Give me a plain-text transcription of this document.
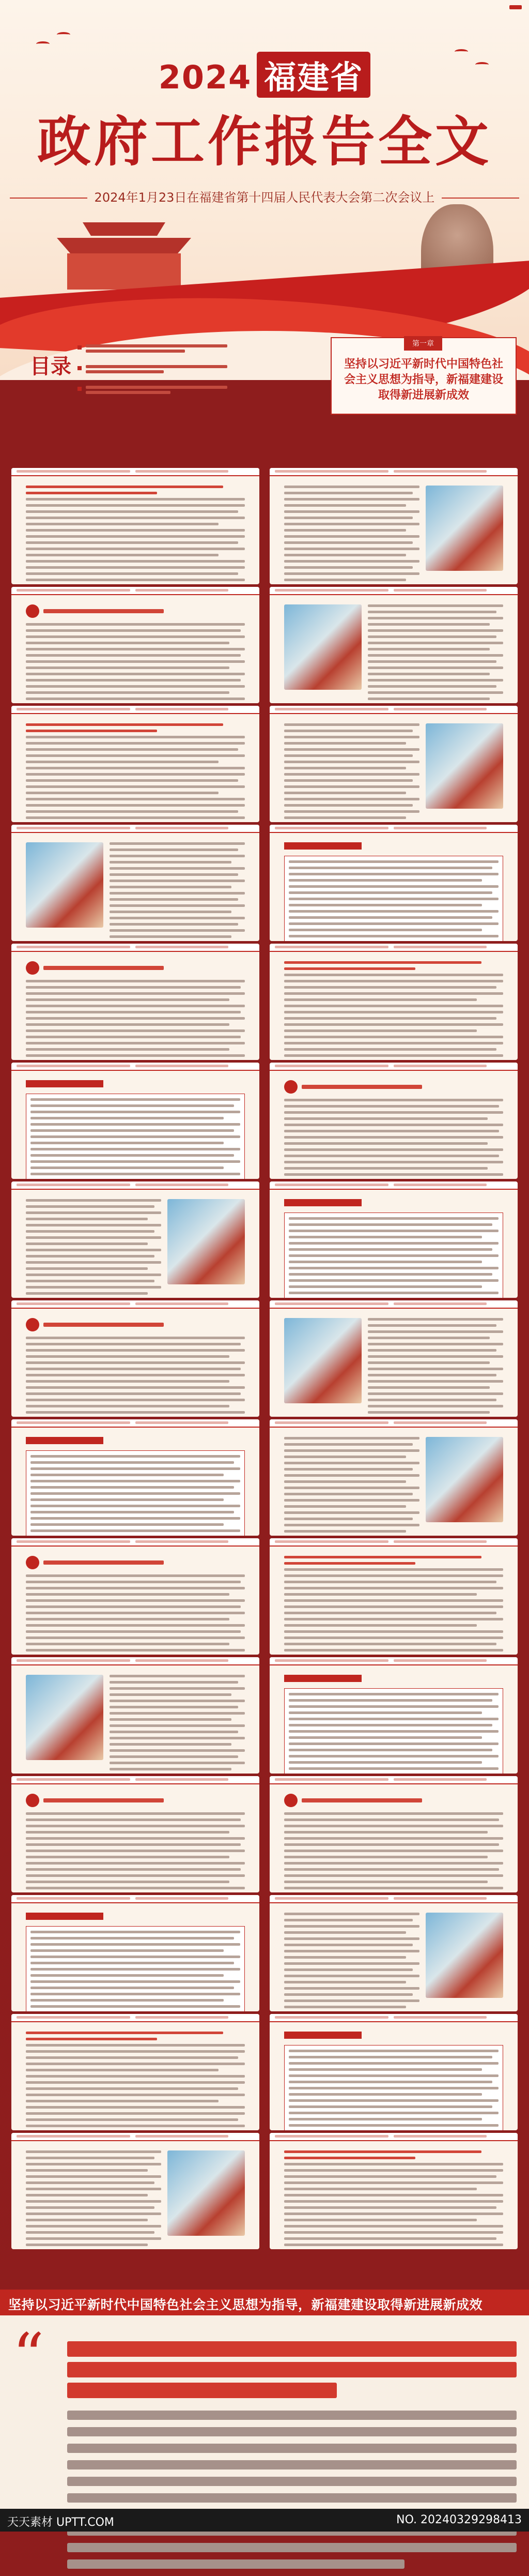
2024 福建省
政府工作报告全文
2024年1月23日在福建省第十四届人民代表大会第二次会议上
目录
第一章
坚持以习近平新时代中国特色社会主义思想为指导，新福建建设取得新进展新成效
坚持以习近平新时代中国特色社会主义思想为指导，新福建建设取得新进展新成效
“
天天素材 UPTT.COM	NO. 20240329298413
